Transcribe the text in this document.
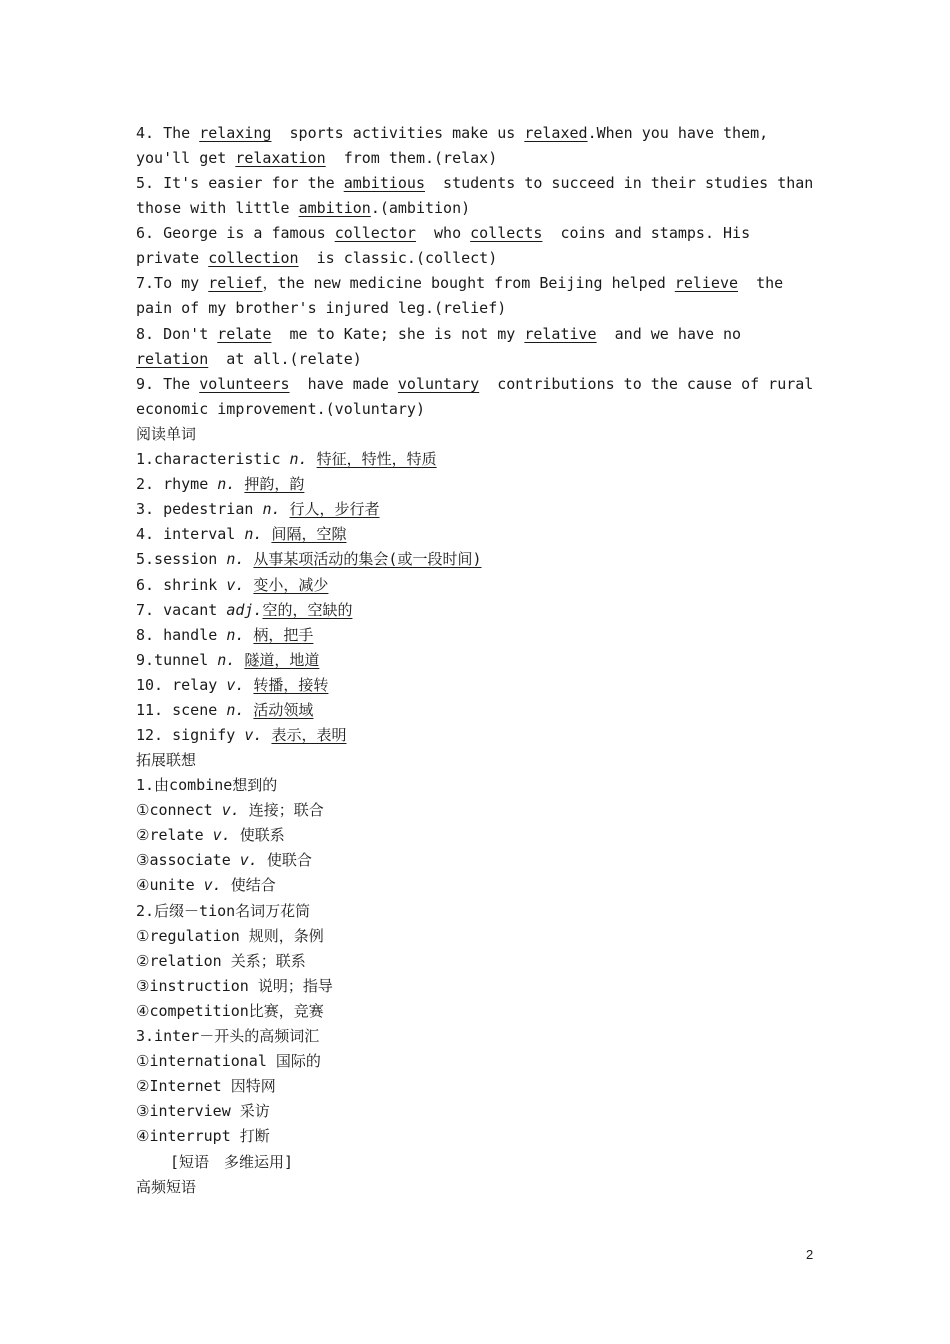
4. The relaxing  sports activities make us relaxed.When you have them, you'll get relaxation  from them.(relax)
5. It's easier for the ambitious  students to succeed in their studies than those with little ambition.(ambition)
6. George is a famous collector  who collects  coins and stamps. His private collection  is classic.(collect)
7.To my relief，the new medicine bought from Beijing helped relieve  the pain of my brother's injured leg.(relief)
8. Don't relate  me to Kate; she is not my relative  and we have no relation  at all.(relate)
9. The volunteers  have made voluntary  contributions to the cause of rural economic improvement.(voluntary)
阅读单词
1.characteristic n. 特征，特性，特质
2. rhyme n. 押韵，韵
3. pedestrian n. 行人，步行者
4. interval n. 间隔，空隙
5.session n. 从事某项活动的集会(或一段时间)
6. shrink v. 变小，减少
7. vacant adj.空的，空缺的
8. handle n. 柄，把手
9.tunnel n. 隧道，地道
10. relay v. 转播，接转
11. scene n. 活动领域
12. signify v. 表示，表明
拓展联想
1.由combine想到的
①connect v. 连接；联合
②relate v. 使联系
③associate v. 使联合
④unite v. 使结合
2.后缀－tion名词万花筒
①regulation 规则，条例
②relation 关系；联系
③instruction 说明；指导
④competition比赛，竞赛
3.inter－开头的高频词汇
①international 国际的
②Internet 因特网
③interview 采访
④interrupt 打断
[短语　多维运用]
高频短语
2
